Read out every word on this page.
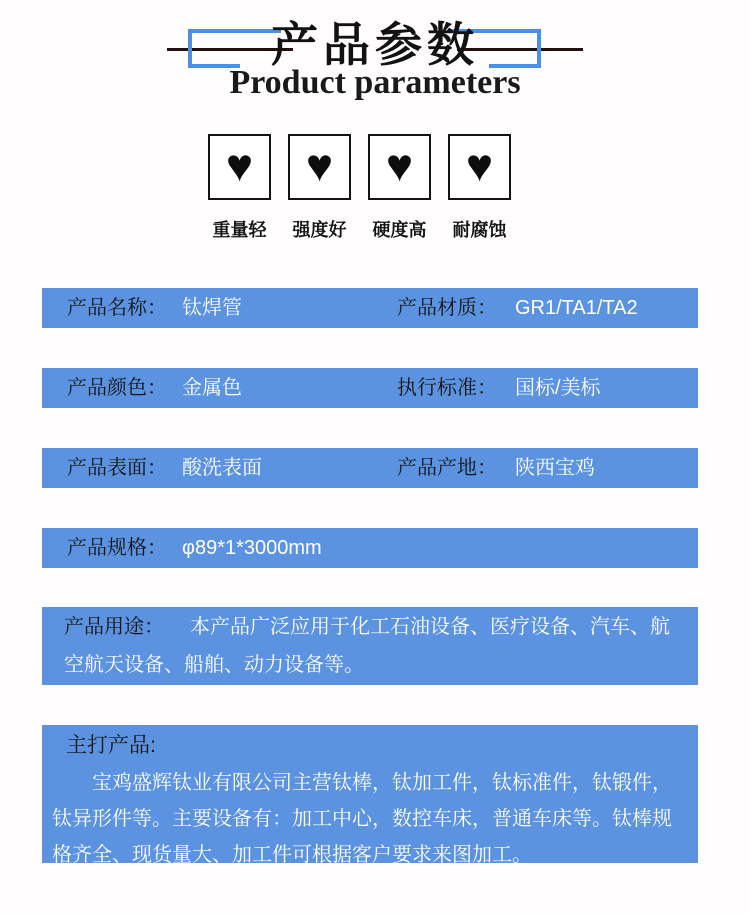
产品参数
Product parameters
♥
重量轻
♥
强度好
♥
硬度高
♥
耐腐蚀
产品名称： 钛焊管	产品材质： GR1/TA1/TA2
产品颜色： 金属色	执行标准： 国标/美标
产品表面： 酸洗表面	产品产地： 陕西宝鸡
产品规格： φ89*1*3000mm
产品用途： 本产品广泛应用于化工石油设备、医疗设备、汽车、航空航天设备、船舶、动力设备等。
主打产品:
宝鸡盛辉钛业有限公司主营钛棒，钛加工件，钛标准件，钛锻件，钛异形件等。主要设备有：加工中心，数控车床，普通车床等。钛棒规格齐全、现货量大、加工件可根据客户要求来图加工。
